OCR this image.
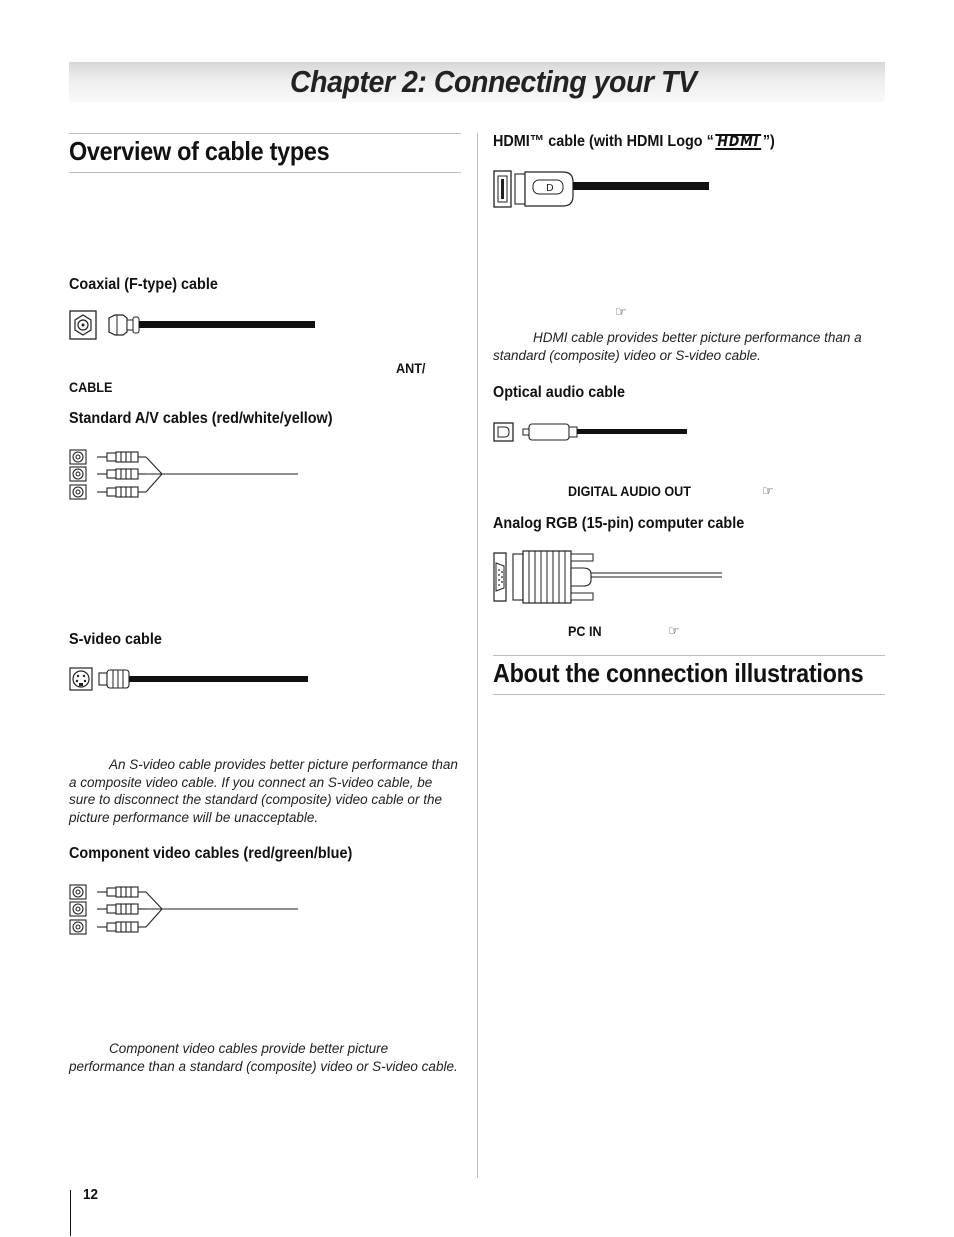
Chapter 2: Connecting your TV
Overview of cable types
Coaxial (F-type) cable
ANT/
CABLE
Standard A/V cables (red/white/yellow)
S-video cable
An S-video cable provides better picture performance than a composite video cable. If you connect an S-video cable, be sure to disconnect the standard (composite) video cable or the picture performance will be unacceptable.
Component video cables (red/green/blue)
Component video cables provide better picture performance than a standard (composite) video or S-video cable.
HDMI™ cable (with HDMI Logo “ HDMI ”)
D
☞
HDMI cable provides better picture performance than a standard (composite) video or S-video cable.
Optical audio cable
DIGITAL AUDIO OUT	☞
Analog RGB (15-pin) computer cable
PC IN	☞
About the connection illustrations
12
